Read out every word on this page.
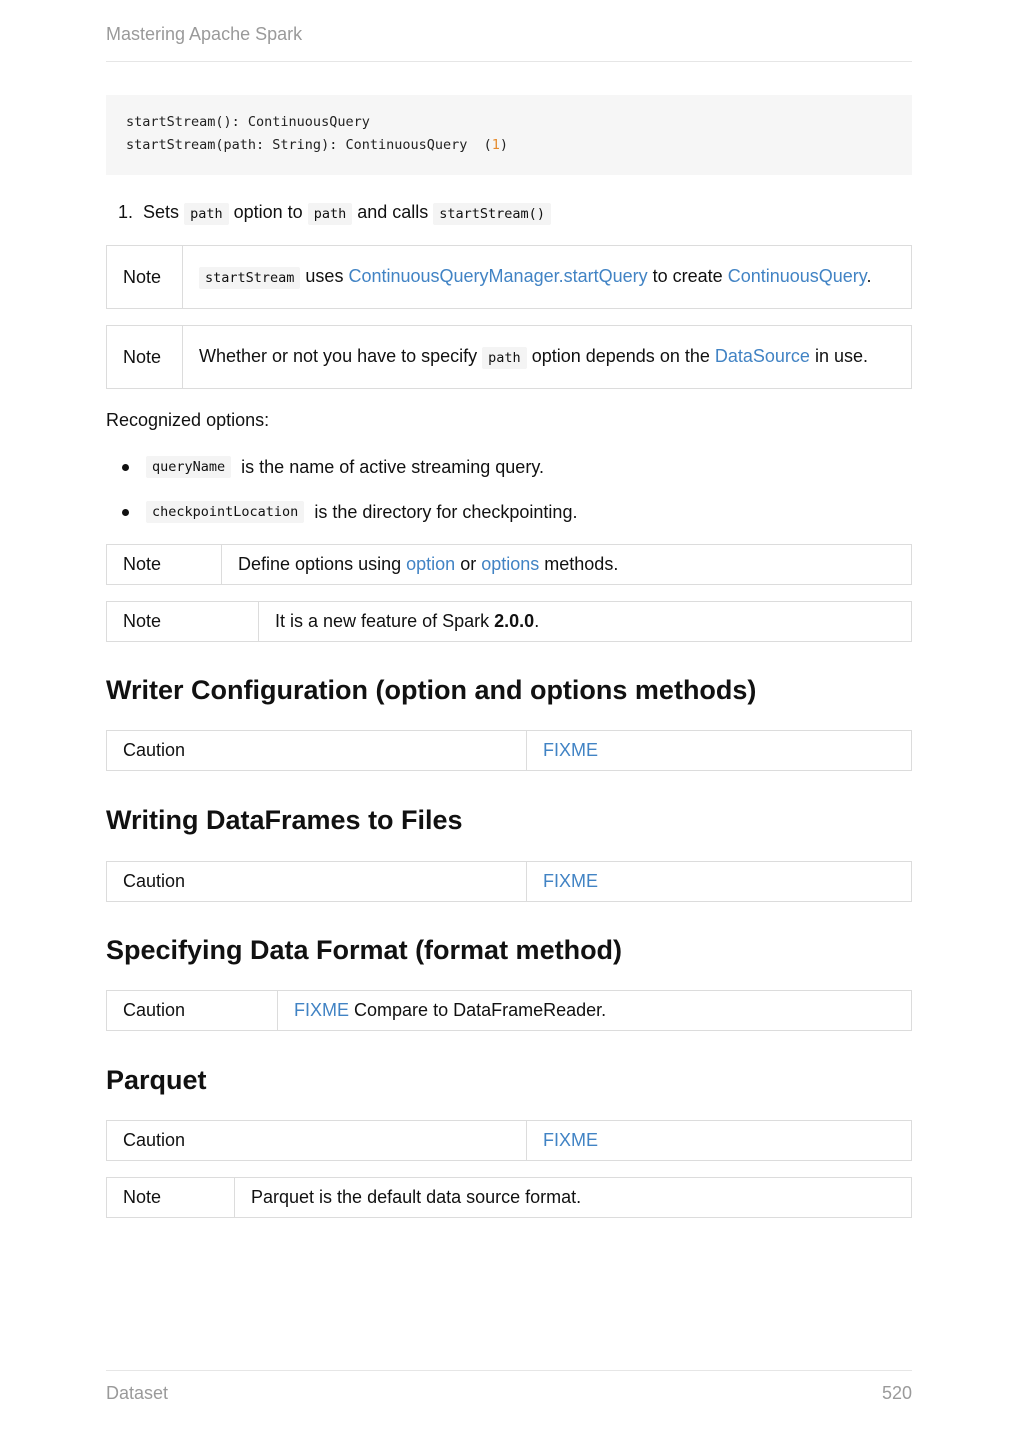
Mastering Apache Spark
startStream(): ContinuousQuery
startStream(path: String): ContinuousQuery  (1)
1. Sets path option to path and calls startStream()
Note	startStream uses ContinuousQueryManager.startQuery to create ContinuousQuery.
Note	Whether or not you have to specify path option depends on the DataSource in use.
Recognized options:
queryName
is the name of active streaming query.
checkpointLocation
is the directory for checkpointing.
Note	Define options using option or options methods.
Note	It is a new feature of Spark 2.0.0.
Writer Configuration (option and options methods)
Caution	FIXME
Writing DataFrames to Files
Caution	FIXME
Specifying Data Format (format method)
Caution	FIXME Compare to DataFrameReader.
Parquet
Caution	FIXME
Note	Parquet is the default data source format.
Dataset	520
